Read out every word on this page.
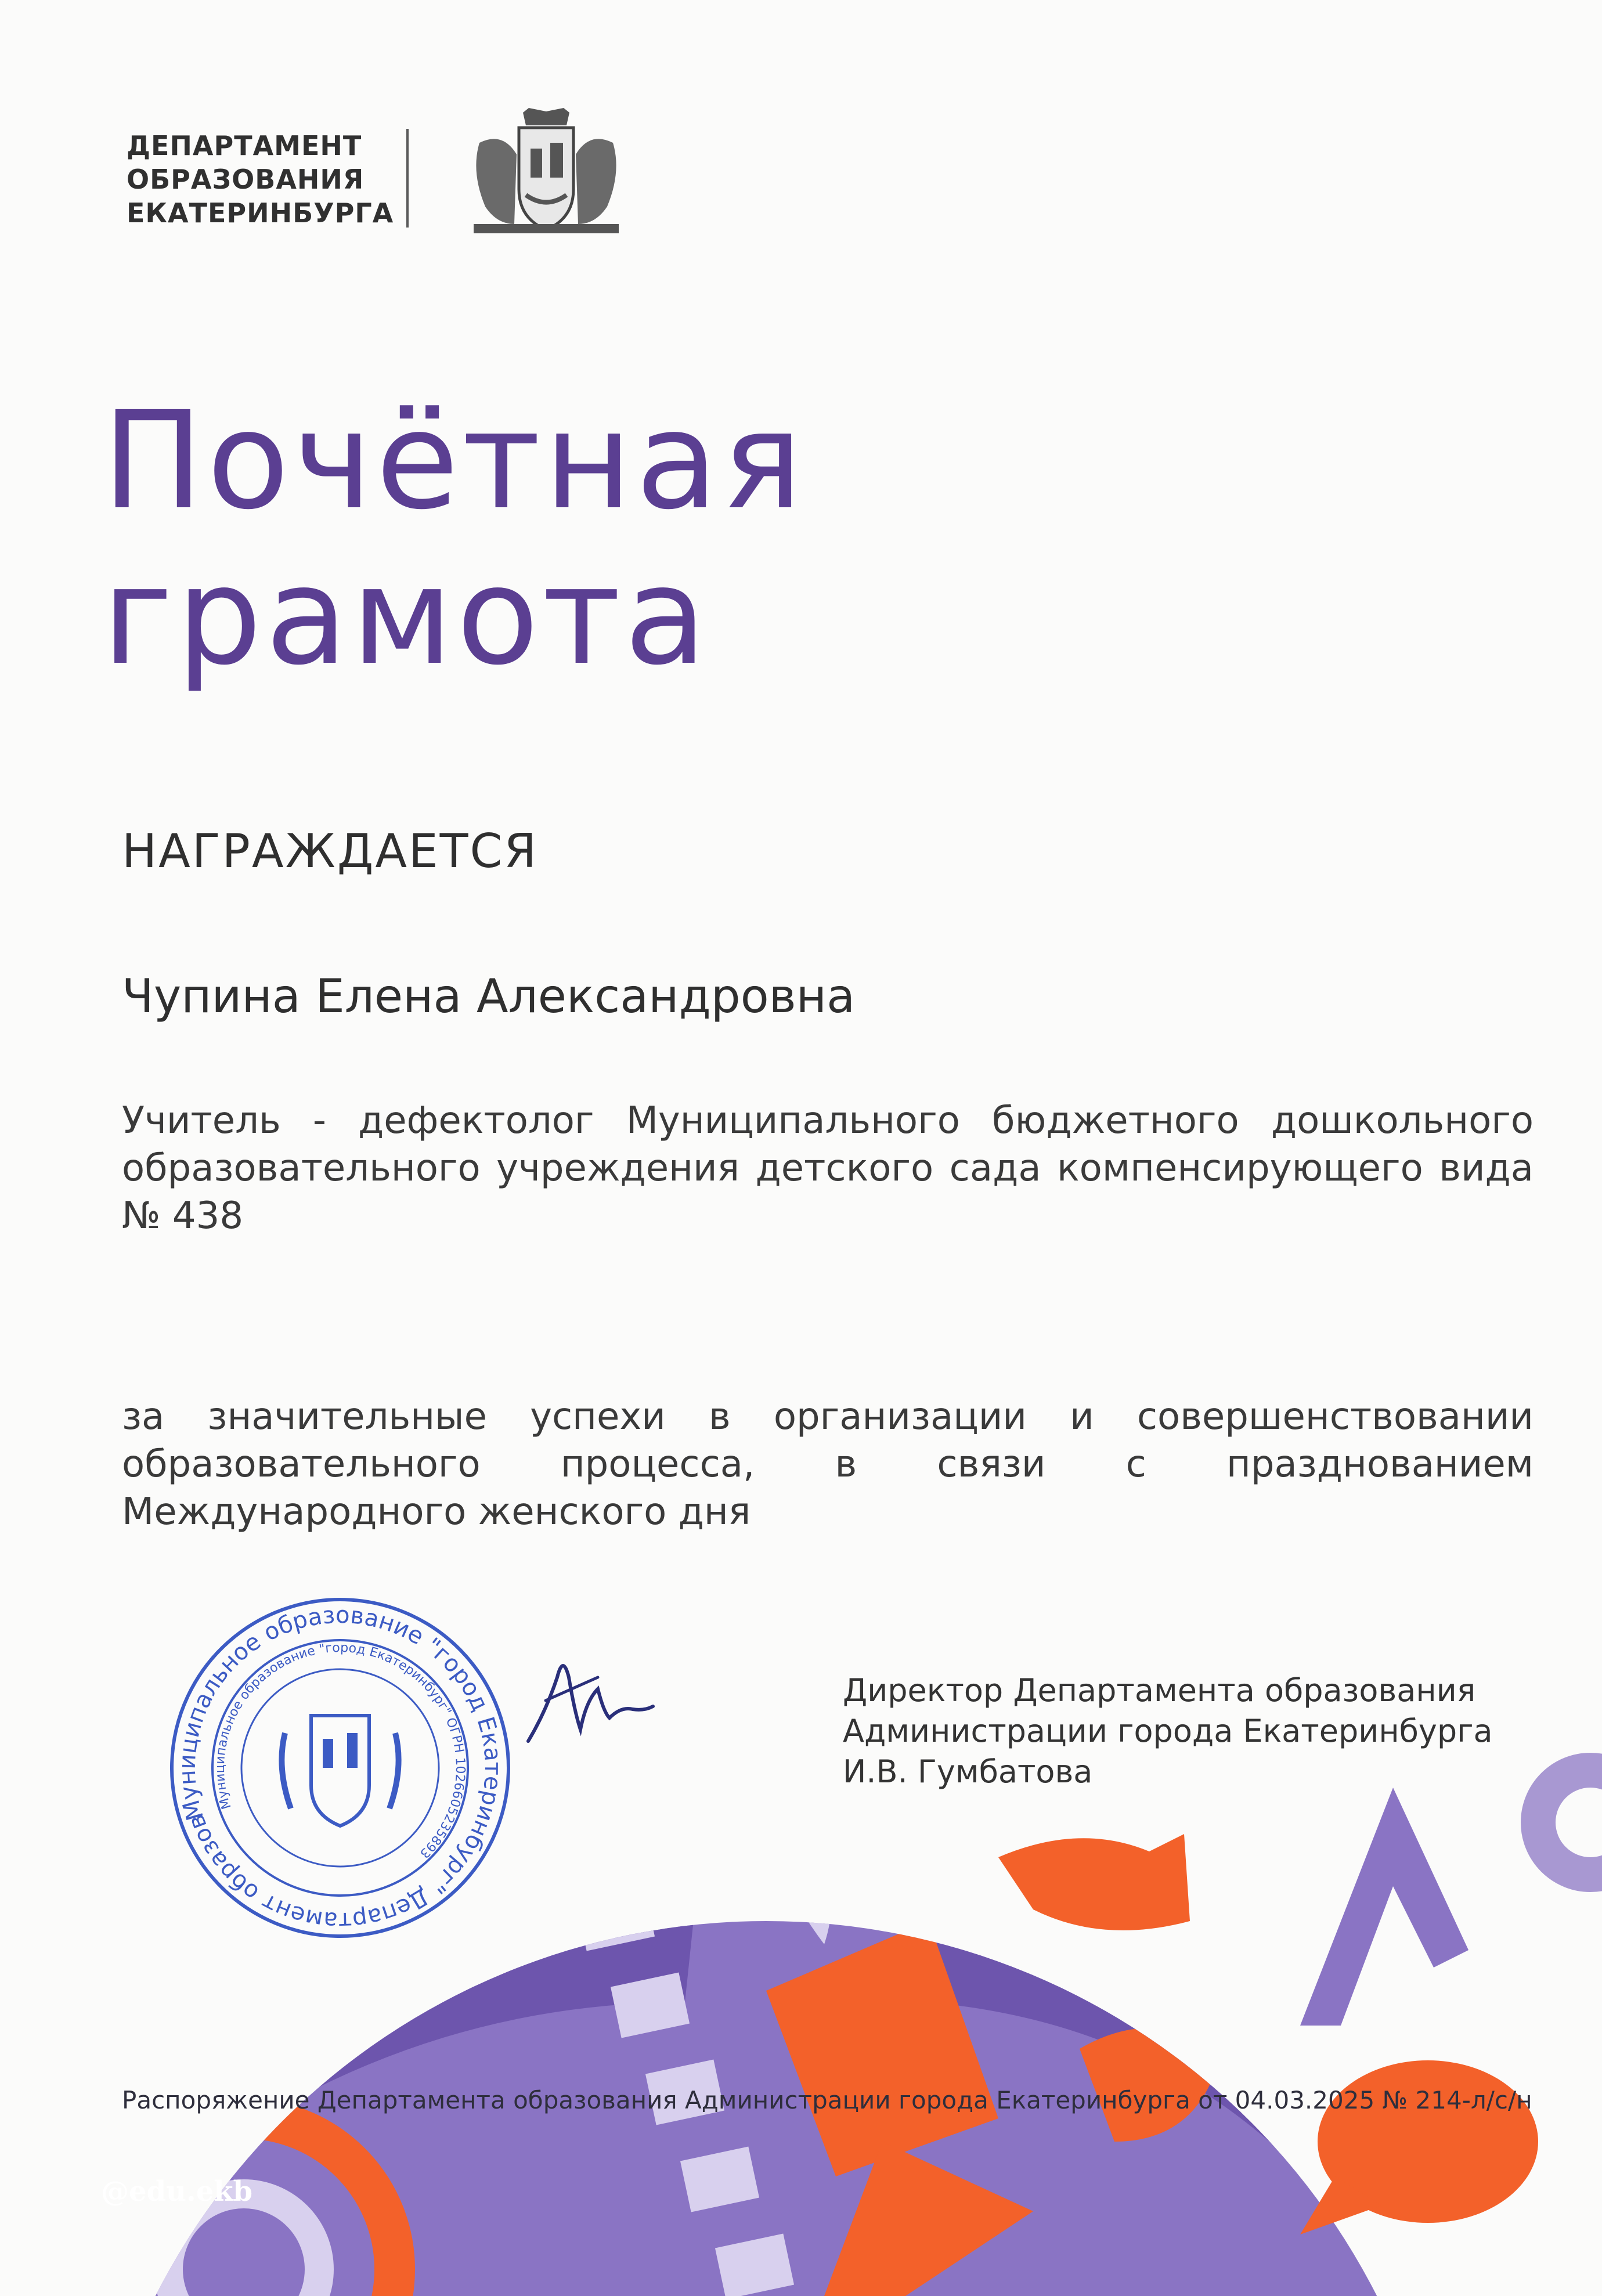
ДЕПАРТАМЕНТ
ОБРАЗОВАНИЯ
ЕКАТЕРИНБУРГА
Почётная
грамота
НАГРАЖДАЕТСЯ
Чупина Елена Александровна
Учитель - дефектолог Муниципального бюджетного дошкольного образовательного учреждения детского сада компенсирующего вида № 438
за значительные успехи в организации и совершенствовании образовательного процесса, в связи с празднованием Международного женского дня
Муниципальное образование "город Екатеринбург" Департамент образования
Муниципальное образование "город Екатеринбург" ОГРН 1026605235893
Директор Департамента образования
Администрации города Екатеринбурга
И.В. Гумбатова
Распоряжение Департамента образования Администрации города Екатеринбурга от 04.03.2025 № 214-л/с/н
@edu.ekb
